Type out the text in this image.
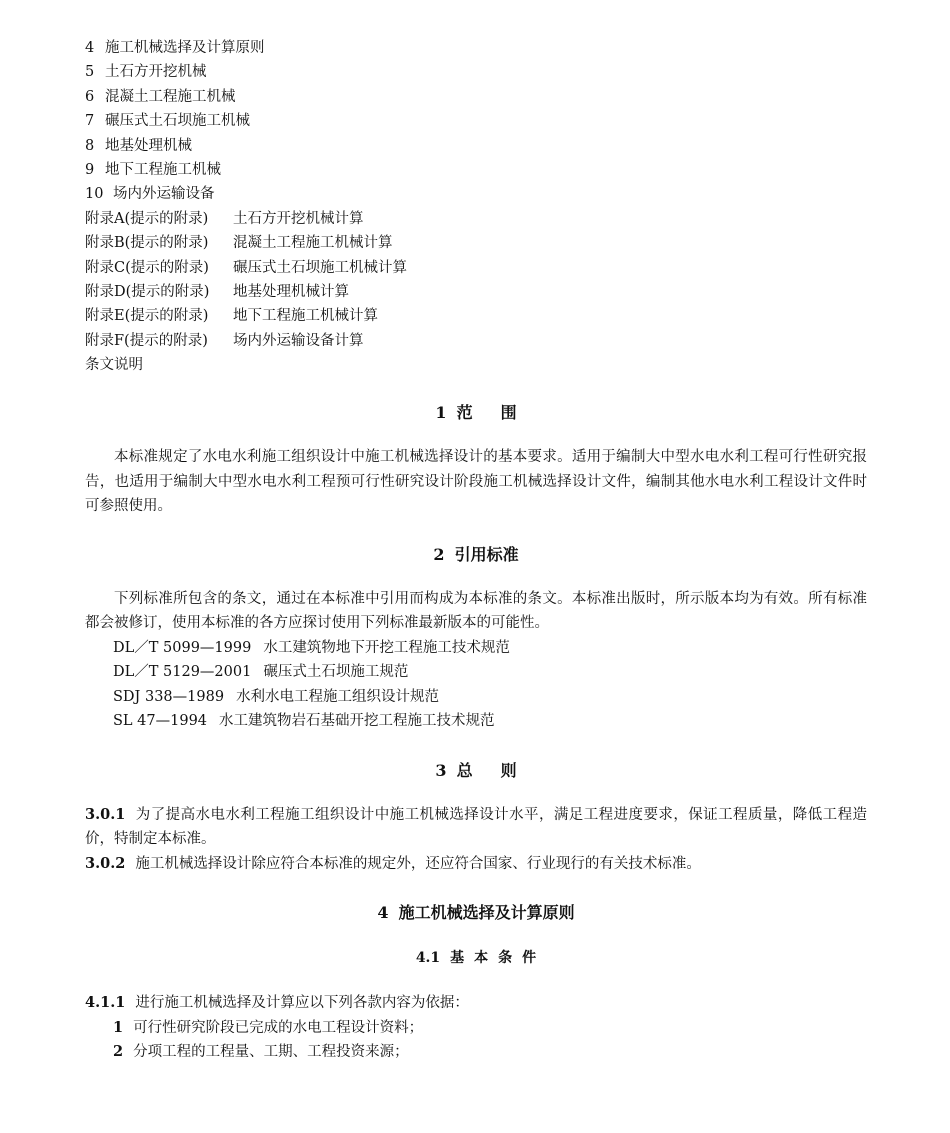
4 施工机械选择及计算原则
5 土石方开挖机械
6 混凝土工程施工机械
7 碾压式土石坝施工机械
8 地基处理机械
9 地下工程施工机械
10 场内外运输设备
附录A(提示的附录) 土石方开挖机械计算
附录B(提示的附录) 混凝土工程施工机械计算
附录C(提示的附录) 碾压式土石坝施工机械计算
附录D(提示的附录) 地基处理机械计算
附录E(提示的附录) 地下工程施工机械计算
附录F(提示的附录) 场内外运输设备计算
条文说明
1 范围

本标准规定了水电水利施工组织设计中施工机械选择设计的基本要求。适用于编制大中型水电水利工程可行性研究报告，也适用于编制大中型水电水利工程预可行性研究设计阶段施工机械选择设计文件，编制其他水电水利工程设计文件时可参照使用。

2 引用标准

下列标准所包含的条文，通过在本标准中引用而构成为本标准的条文。本标准出版时，所示版本均为有效。所有标准都会被修订，使用本标准的各方应探讨使用下列标准最新版本的可能性。

DL／T 5099—1999 水工建筑物地下开挖工程施工技术规范
DL／T 5129—2001 碾压式土石坝施工规范
SDJ 338—1989 水利水电工程施工组织设计规范
SL 47—1994 水工建筑物岩石基础开挖工程施工技术规范
3 总则

3.0.1 为了提高水电水利工程施工组织设计中施工机械选择设计水平，满足工程进度要求，保证工程质量，降低工程造价，特制定本标准。

3.0.2 施工机械选择设计除应符合本标准的规定外，还应符合国家、行业现行的有关技术标准。

4 施工机械选择及计算原则
4.1 基本条件

4.1.1 进行施工机械选择及计算应以下列各款内容为依据：

1 可行性研究阶段已完成的水电工程设计资料；
2 分项工程的工程量、工期、工程投资来源；
